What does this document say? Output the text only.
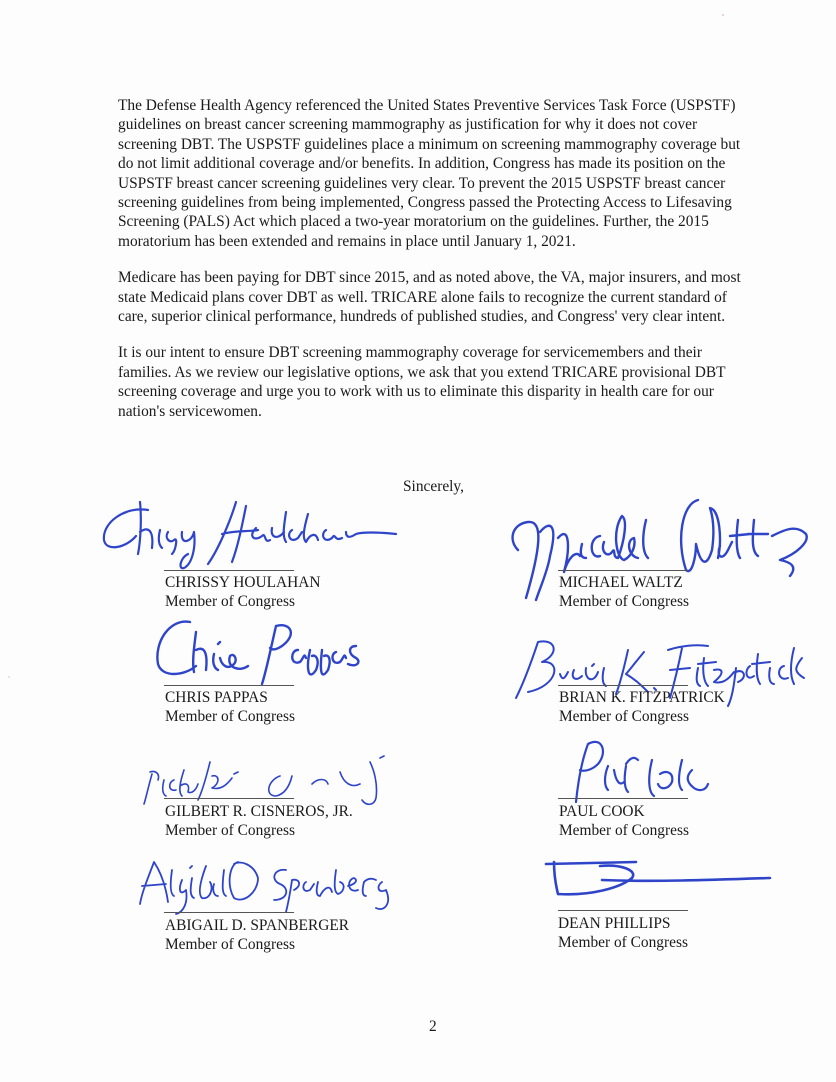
The Defense Health Agency referenced the United States Preventive Services Task Force (USPSTF) guidelines on breast cancer screening mammography as justification for why it does not cover screening DBT. The USPSTF guidelines place a minimum on screening mammography coverage but do not limit additional coverage and/or benefits. In addition, Congress has made its position on the USPSTF breast cancer screening guidelines very clear. To prevent the 2015 USPSTF breast cancer screening guidelines from being implemented, Congress passed the Protecting Access to Lifesaving Screening (PALS) Act which placed a two-year moratorium on the guidelines. Further, the 2015 moratorium has been extended and remains in place until January 1, 2021.

Medicare has been paying for DBT since 2015, and as noted above, the VA, major insurers, and most state Medicaid plans cover DBT as well. TRICARE alone fails to recognize the current standard of care, superior clinical performance, hundreds of published studies, and Congress' very clear intent.

It is our intent to ensure DBT screening mammography coverage for servicemembers and their families. As we review our legislative options, we ask that you extend TRICARE provisional DBT screening coverage and urge you to work with us to eliminate this disparity in health care for our nation's servicewomen.

Sincerely,
CHRISSY HOULAHAN
Member of Congress
MICHAEL WALTZ
Member of Congress
CHRIS PAPPAS
Member of Congress
BRIAN K. FITZPATRICK
Member of Congress
GILBERT R. CISNEROS, JR.
Member of Congress
PAUL COOK
Member of Congress
ABIGAIL D. SPANBERGER
Member of Congress
DEAN PHILLIPS
Member of Congress
2
